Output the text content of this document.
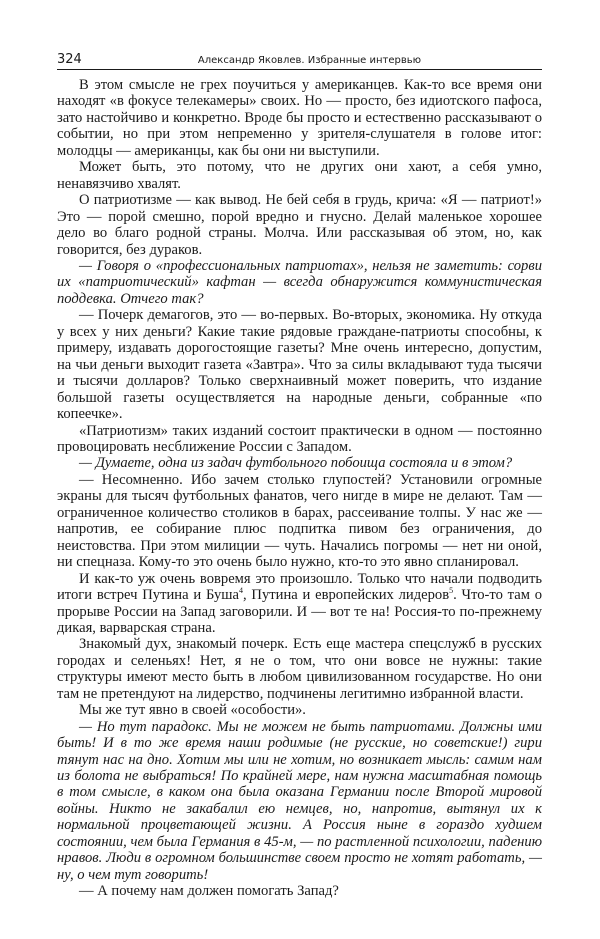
324	Александр Яковлев. Избранные интервью

В этом смысле не грех поучиться у американцев. Как-то все время они находят «в фокусе телекамеры» своих. Но — просто, без идиотского пафоса, зато настойчиво и конкретно. Вроде бы просто и естественно рассказывают о событии, но при этом непременно у зрителя-слушателя в голове итог: молодцы — американцы, как бы они ни выступили.

Может быть, это потому, что не других они хают, а себя умно, ненавязчиво хвалят.

О патриотизме — как вывод. Не бей себя в грудь, крича: «Я — патриот!» Это — порой смешно, порой вредно и гнусно. Делай маленькое хорошее дело во благо родной страны. Молча. Или рассказывая об этом, но, как говорится, без дураков.

— Говоря о «профессиональных патриотах», нельзя не заметить: сорви их «патриотический» кафтан — всегда обнаружится коммунистическая поддевка. Отчего так?

— Почерк демагогов, это — во-первых. Во-вторых, экономика. Ну откуда у всех у них деньги? Какие такие рядовые граждане-патриоты способны, к примеру, издавать дорогостоящие газеты? Мне очень интересно, допустим, на чьи деньги выходит газета «Завтра». Что за силы вкладывают туда тысячи и тысячи долларов? Только сверхнаивный может поверить, что издание большой газеты осуществляется на народные деньги, собранные «по копеечке».

«Патриотизм» таких изданий состоит практически в одном — постоянно провоцировать несближение России с Западом.

— Думаете, одна из задач футбольного побоища состояла и в этом?

— Несомненно. Ибо зачем столько глупостей? Установили огромные экраны для тысяч футбольных фанатов, чего нигде в мире не делают. Там — ограниченное количество столиков в барах, рассеивание толпы. У нас же — напротив, ее собирание плюс подпитка пивом без ограничения, до неистовства. При этом милиции — чуть. Начались погромы — нет ни оной, ни спецназа. Кому-то это очень было нужно, кто-то это явно спланировал.

И как-то уж очень вовремя это произошло. Только что начали подводить итоги встреч Путина и Буша$^4$, Путина и европейских лидеров$^5$. Что-то там о прорыве России на Запад заговорили. И — вот те на! Россия-то по-прежнему дикая, варварская страна.

Знакомый дух, знакомый почерк. Есть еще мастера спецслужб в русских городах и селеньях! Нет, я не о том, что они вовсе не нужны: такие структуры имеют место быть в любом цивилизованном государстве. Но они там не претендуют на лидерство, подчинены легитимно избранной власти.

Мы же тут явно в своей «особости».

— Но тут парадокс. Мы не можем не быть патриотами. Должны ими быть! И в то же время наши родимые (не русские, но советские!) гири тянут нас на дно. Хотим мы или не хотим, но возникает мысль: самим нам из болота не выбраться! По крайней мере, нам нужна масштабная помощь в том смысле, в каком она была оказана Германии после Второй мировой войны. Никто не закабалил ею немцев, но, напротив, вытянул их к нормальной процветающей жизни. А Россия ныне в гораздо худшем состоянии, чем была Германия в 45-м, — по растленной психологии, падению нравов. Люди в огромном большинстве своем просто не хотят работать, — ну, о чем тут говорить!

— А почему нам должен помогать Запад?
